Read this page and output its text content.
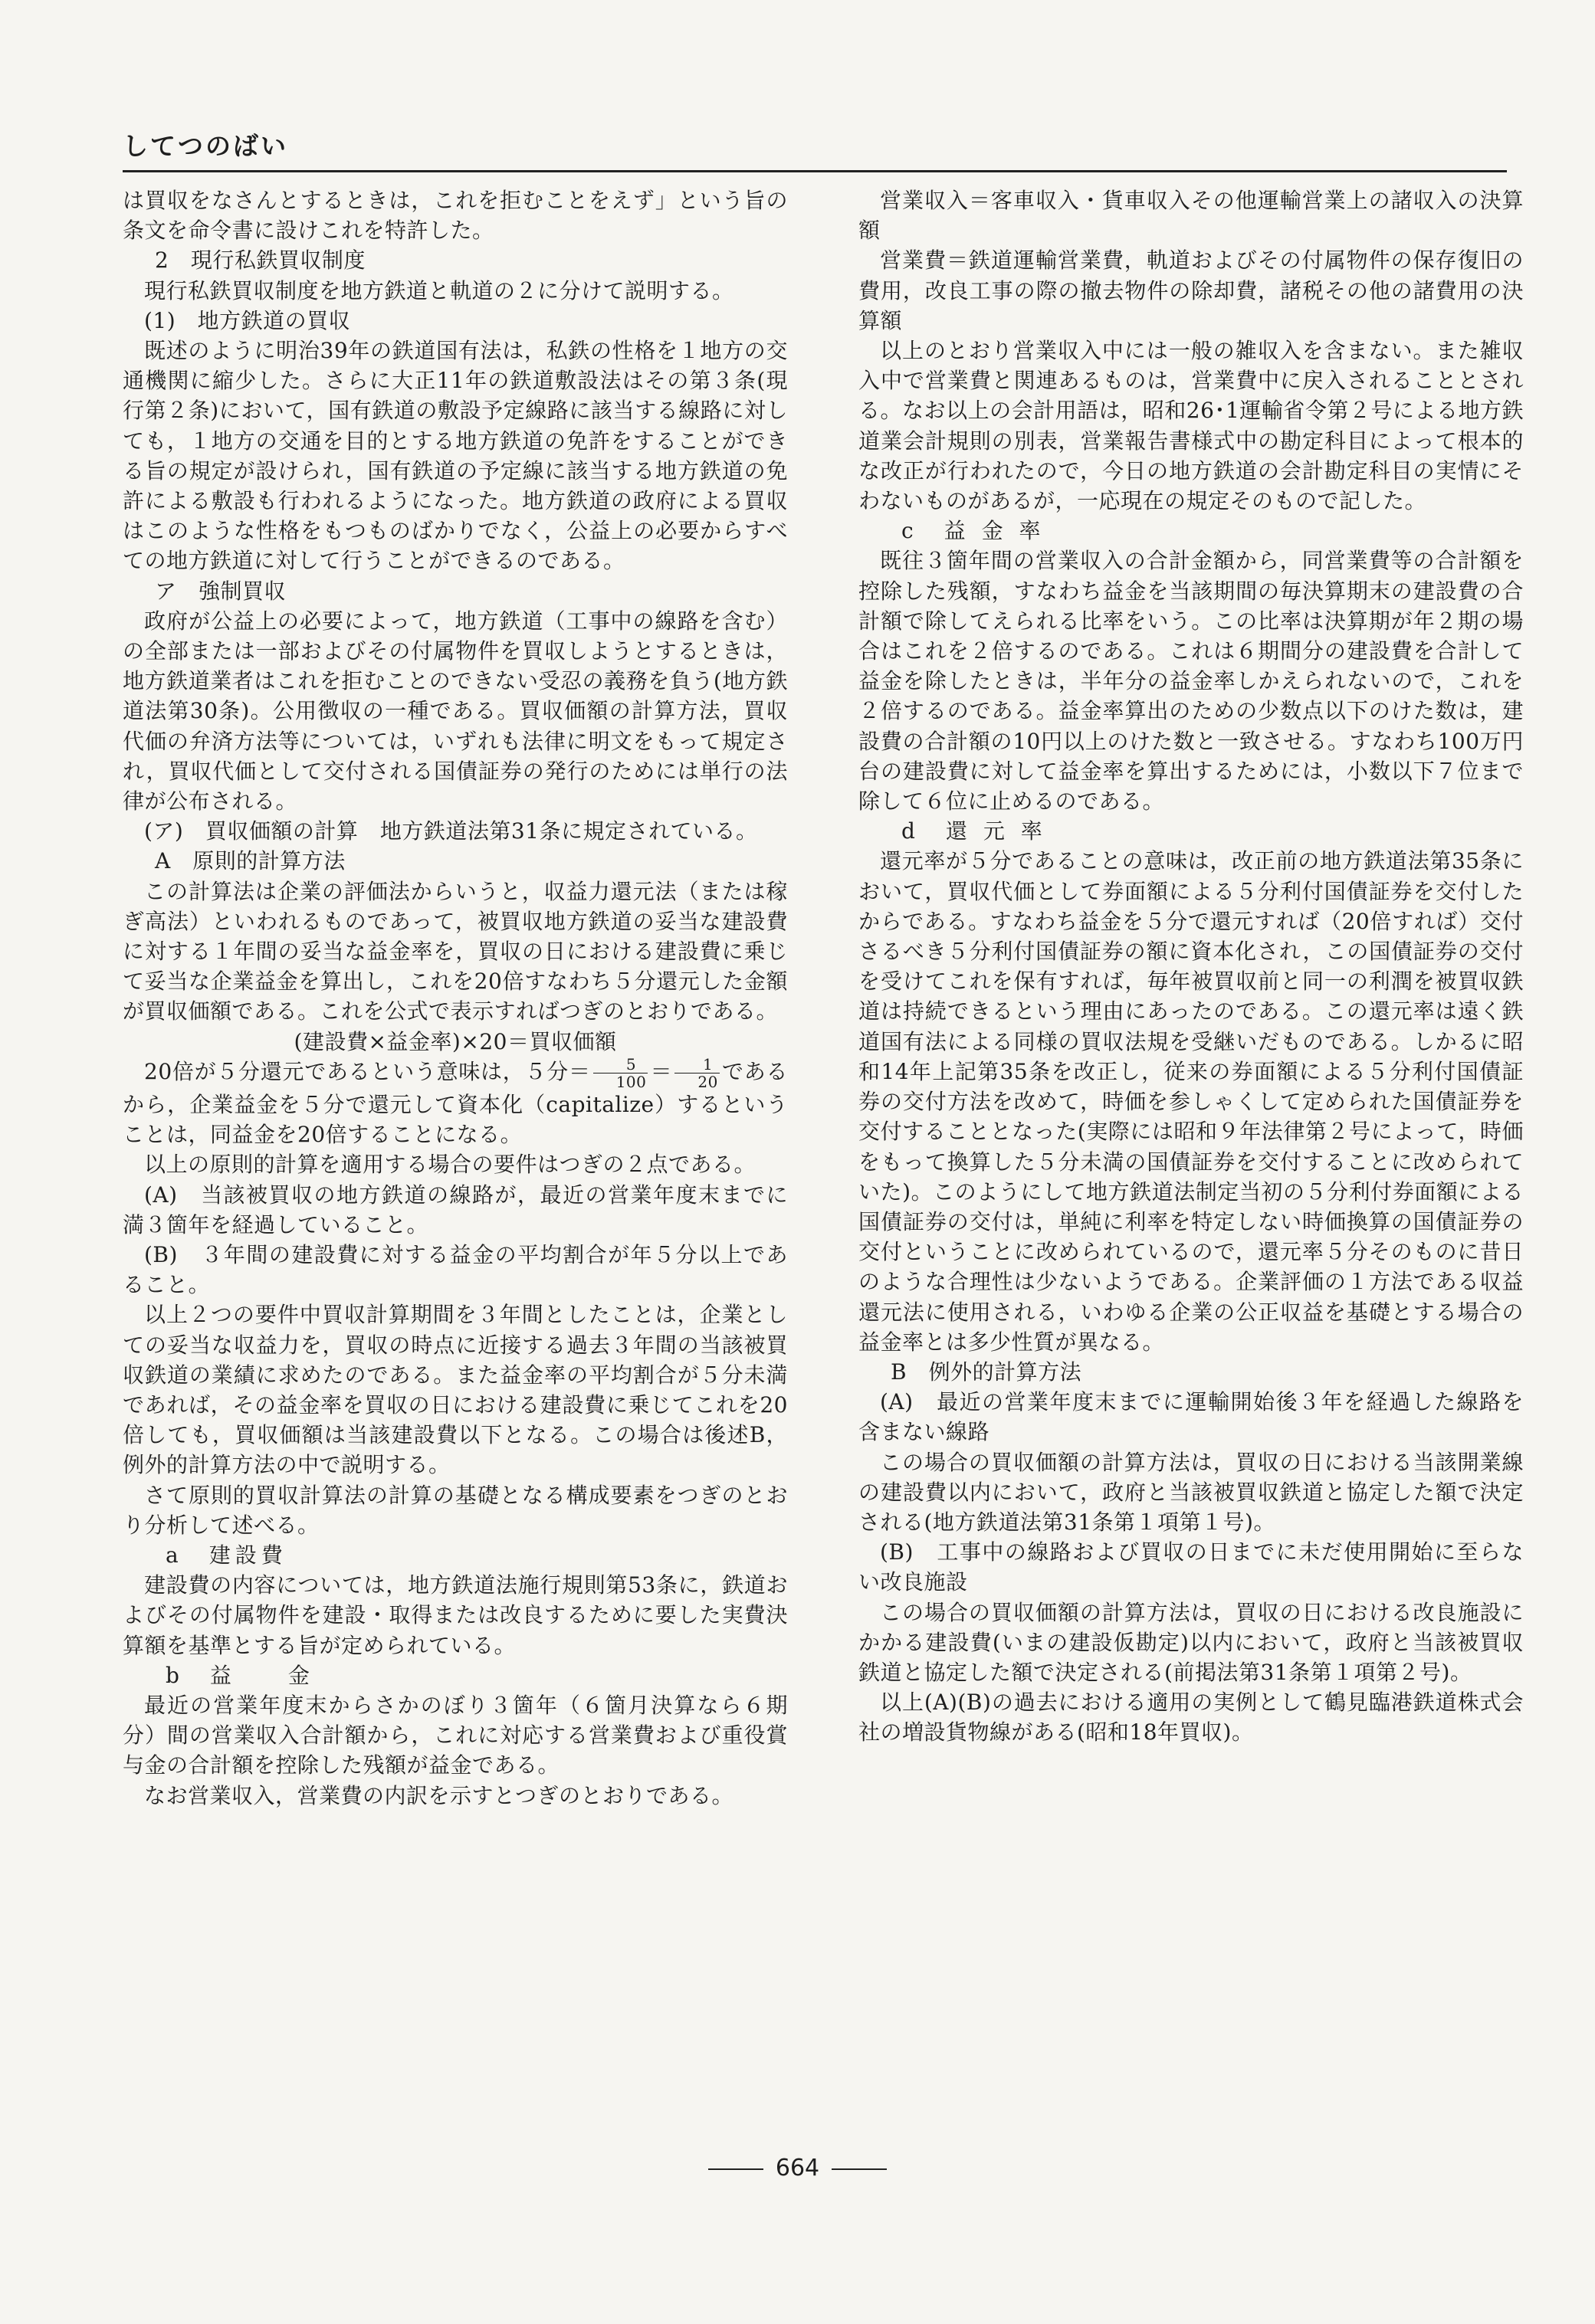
してつのばい

は買収をなさんとするときは，これを拒むことをえず」という旨の条文を命令書に設けこれを特許した。

2　現行私鉄買収制度

現行私鉄買収制度を地方鉄道と軌道の２に分けて説明する。

(1)　地方鉄道の買収

既述のように明治39年の鉄道国有法は，私鉄の性格を１地方の交通機関に縮少した。さらに大正11年の鉄道敷設法はその第３条(現行第２条)において，国有鉄道の敷設予定線路に該当する線路に対しても，１地方の交通を目的とする地方鉄道の免許をすることができる旨の規定が設けられ，国有鉄道の予定線に該当する地方鉄道の免許による敷設も行われるようになった。地方鉄道の政府による買収はこのような性格をもつものばかりでなく，公益上の必要からすべての地方鉄道に対して行うことができるのである。

ア　強制買収

政府が公益上の必要によって，地方鉄道（工事中の線路を含む）の全部または一部およびその付属物件を買収しようとするときは，地方鉄道業者はこれを拒むことのできない受忍の義務を負う(地方鉄道法第30条)。公用徴収の一種である。買収価額の計算方法，買収代価の弁済方法等については，いずれも法律に明文をもって規定され，買収代価として交付される国債証券の発行のためには単行の法律が公布される。

(ア)　買収価額の計算　地方鉄道法第31条に規定されている。

A　原則的計算方法

この計算法は企業の評価法からいうと，収益力還元法（または稼ぎ高法）といわれるものであって，被買収地方鉄道の妥当な建設費に対する１年間の妥当な益金率を，買収の日における建設費に乗じて妥当な企業益金を算出し，これを20倍すなわち５分還元した金額が買収価額である。これを公式で表示すればつぎのとおりである。

(建設費×益金率)×20＝買収価額

20倍が５分還元であるという意味は，５分＝ $\frac{5}{100} = \frac{1}{20}$ であるから，企業益金を５分で還元して資本化（capitalize）するということは，同益金を20倍することになる。

以上の原則的計算を適用する場合の要件はつぎの２点である。

(A)　当該被買収の地方鉄道の線路が，最近の営業年度末までに満３箇年を経過していること。

(B)　３年間の建設費に対する益金の平均割合が年５分以上であること。

以上２つの要件中買収計算期間を３年間としたことは，企業としての妥当な収益力を，買収の時点に近接する過去３年間の当該被買収鉄道の業績に求めたのである。また益金率の平均割合が５分未満であれば，その益金率を買収の日における建設費に乗じてこれを20倍しても，買収価額は当該建設費以下となる。この場合は後述B，例外的計算方法の中で説明する。

さて原則的買収計算法の計算の基礎となる構成要素をつぎのとおり分析して述べる。

a　建設費

建設費の内容については，地方鉄道法施行規則第53条に，鉄道およびその付属物件を建設・取得または改良するために要した実費決算額を基準とする旨が定められている。

b　益　　金

最近の営業年度末からさかのぼり３箇年（６箇月決算なら６期分）間の営業収入合計額から，これに対応する営業費および重役賞与金の合計額を控除した残額が益金である。

なお営業収入，営業費の内訳を示すとつぎのとおりである。

営業収入＝客車収入・貨車収入その他運輸営業上の諸収入の決算額

営業費＝鉄道運輸営業費，軌道およびその付属物件の保存復旧の費用，改良工事の際の撤去物件の除却費，諸税その他の諸費用の決算額

以上のとおり営業収入中には一般の雑収入を含まない。また雑収入中で営業費と関連あるものは，営業費中に戻入されることとされる。なお以上の会計用語は，昭和26･1運輸省令第２号による地方鉄道業会計規則の別表，営業報告書様式中の勘定科目によって根本的な改正が行われたので，今日の地方鉄道の会計勘定科目の実情にそわないものがあるが，一応現在の規定そのもので記した。

c　益 金 率

既往３箇年間の営業収入の合計金額から，同営業費等の合計額を控除した残額，すなわち益金を当該期間の毎決算期末の建設費の合計額で除してえられる比率をいう。この比率は決算期が年２期の場合はこれを２倍するのである。これは６期間分の建設費を合計して益金を除したときは，半年分の益金率しかえられないので，これを２倍するのである。益金率算出のための少数点以下のけた数は，建設費の合計額の10円以上のけた数と一致させる。すなわち100万円台の建設費に対して益金率を算出するためには，小数以下７位まで除して６位に止めるのである。

d　還 元 率

還元率が５分であることの意味は，改正前の地方鉄道法第35条において，買収代価として券面額による５分利付国債証券を交付したからである。すなわち益金を５分で還元すれば（20倍すれば）交付さるべき５分利付国債証券の額に資本化され，この国債証券の交付を受けてこれを保有すれば，毎年被買収前と同一の利潤を被買収鉄道は持続できるという理由にあったのである。この還元率は遠く鉄道国有法による同様の買収法規を受継いだものである。しかるに昭和14年上記第35条を改正し，従来の券面額による５分利付国債証券の交付方法を改めて，時価を参しゃくして定められた国債証券を交付することとなった(実際には昭和９年法律第２号によって，時価をもって換算した５分未満の国債証券を交付することに改められていた)。このようにして地方鉄道法制定当初の５分利付券面額による国債証券の交付は，単純に利率を特定しない時価換算の国債証券の交付ということに改められているので，還元率５分そのものに昔日のような合理性は少ないようである。企業評価の１方法である収益還元法に使用される，いわゆる企業の公正収益を基礎とする場合の益金率とは多少性質が異なる。

B　例外的計算方法

(A)　最近の営業年度末までに運輸開始後３年を経過した線路を含まない線路

この場合の買収価額の計算方法は，買収の日における当該開業線の建設費以内において，政府と当該被買収鉄道と協定した額で決定される(地方鉄道法第31条第１項第１号)。

(B)　工事中の線路および買収の日までに未だ使用開始に至らない改良施設

この場合の買収価額の計算方法は，買収の日における改良施設にかかる建設費(いまの建設仮勘定)以内において，政府と当該被買収鉄道と協定した額で決定される(前掲法第31条第１項第２号)。

以上(A)(B)の過去における適用の実例として鶴見臨港鉄道株式会社の増設貨物線がある(昭和18年買収)。

664
